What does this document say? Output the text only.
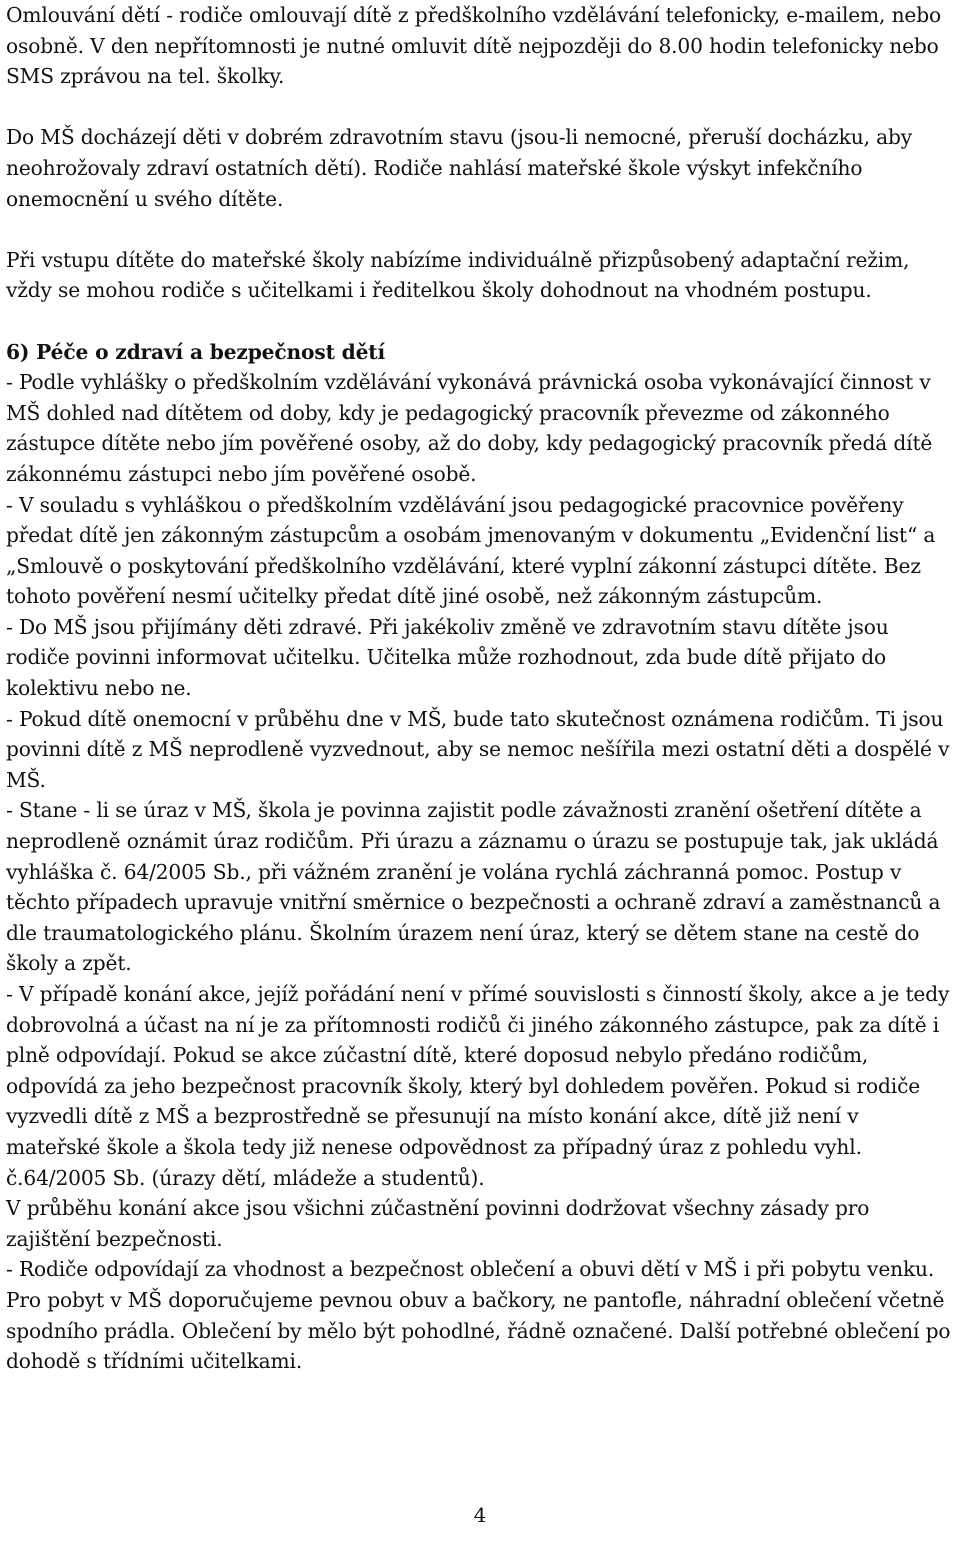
Omlouvání dětí - rodiče omlouvají dítě z předškolního vzdělávání telefonicky, e-mailem, nebo osobně. V den nepřítomnosti je nutné omluvit dítě nejpozději do 8.00 hodin telefonicky nebo SMS zprávou na tel. školky.

Do MŠ docházejí děti v dobrém zdravotním stavu (jsou-li nemocné, přeruší docházku, aby neohrožovaly zdraví ostatních dětí). Rodiče nahlásí mateřské škole výskyt infekčního onemocnění u svého dítěte.

Při vstupu dítěte do mateřské školy nabízíme individuálně přizpůsobený adaptační režim, vždy se mohou rodiče s učitelkami i ředitelkou školy dohodnout na vhodném postupu.

6) Péče o zdraví a bezpečnost dětí

- Podle vyhlášky o předškolním vzdělávání vykonává právnická osoba vykonávající činnost v MŠ dohled nad dítětem od doby, kdy je pedagogický pracovník převezme od zákonného zástupce dítěte nebo jím pověřené osoby, až do doby, kdy pedagogický pracovník předá dítě zákonnému zástupci nebo jím pověřené osobě.

- V souladu s vyhláškou o předškolním vzdělávání jsou pedagogické pracovnice pověřeny předat dítě jen zákonným zástupcům a osobám jmenovaným v dokumentu „Evidenční list“ a „Smlouvě o poskytování předškolního vzdělávání, které vyplní zákonní zástupci dítěte. Bez tohoto pověření nesmí učitelky předat dítě jiné osobě, než zákonným zástupcům.

- Do MŠ jsou přijímány děti zdravé. Při jakékoliv změně ve zdravotním stavu dítěte jsou rodiče povinni informovat učitelku. Učitelka může rozhodnout, zda bude dítě přijato do kolektivu nebo ne.

- Pokud dítě onemocní v průběhu dne v MŠ, bude tato skutečnost oznámena rodičům. Ti jsou povinni dítě z MŠ neprodleně vyzvednout, aby se nemoc nešířila mezi ostatní děti a dospělé v MŠ.

- Stane - li se úraz v MŠ, škola je povinna zajistit podle závažnosti zranění ošetření dítěte a neprodleně oznámit úraz rodičům. Při úrazu a záznamu o úrazu se postupuje tak, jak ukládá vyhláška č. 64/2005 Sb., při vážném zranění je volána rychlá záchranná pomoc. Postup v těchto případech upravuje vnitřní směrnice o bezpečnosti a ochraně zdraví a zaměstnanců a dle traumatologického plánu. Školním úrazem není úraz, který se dětem stane na cestě do školy a zpět.

- V případě konání akce, jejíž pořádání není v přímé souvislosti s činností školy, akce a je tedy dobrovolná a účast na ní je za přítomnosti rodičů či jiného zákonného zástupce, pak za dítě i plně odpovídají. Pokud se akce zúčastní dítě, které doposud nebylo předáno rodičům, odpovídá za jeho bezpečnost pracovník školy, který byl dohledem pověřen. Pokud si rodiče vyzvedli dítě z MŠ a bezprostředně se přesunují na místo konání akce, dítě již není v mateřské škole a škola tedy již nenese odpovědnost za případný úraz z pohledu vyhl. č.64/2005 Sb. (úrazy dětí, mládeže a studentů).

V průběhu konání akce jsou všichni zúčastnění povinni dodržovat všechny zásady pro zajištění bezpečnosti.

- Rodiče odpovídají za vhodnost a bezpečnost oblečení a obuvi dětí v MŠ i při pobytu venku. Pro pobyt v MŠ doporučujeme pevnou obuv a bačkory, ne pantofle, náhradní oblečení včetně spodního prádla. Oblečení by mělo být pohodlné, řádně označené. Další potřebné oblečení po dohodě s třídními učitelkami.

4
